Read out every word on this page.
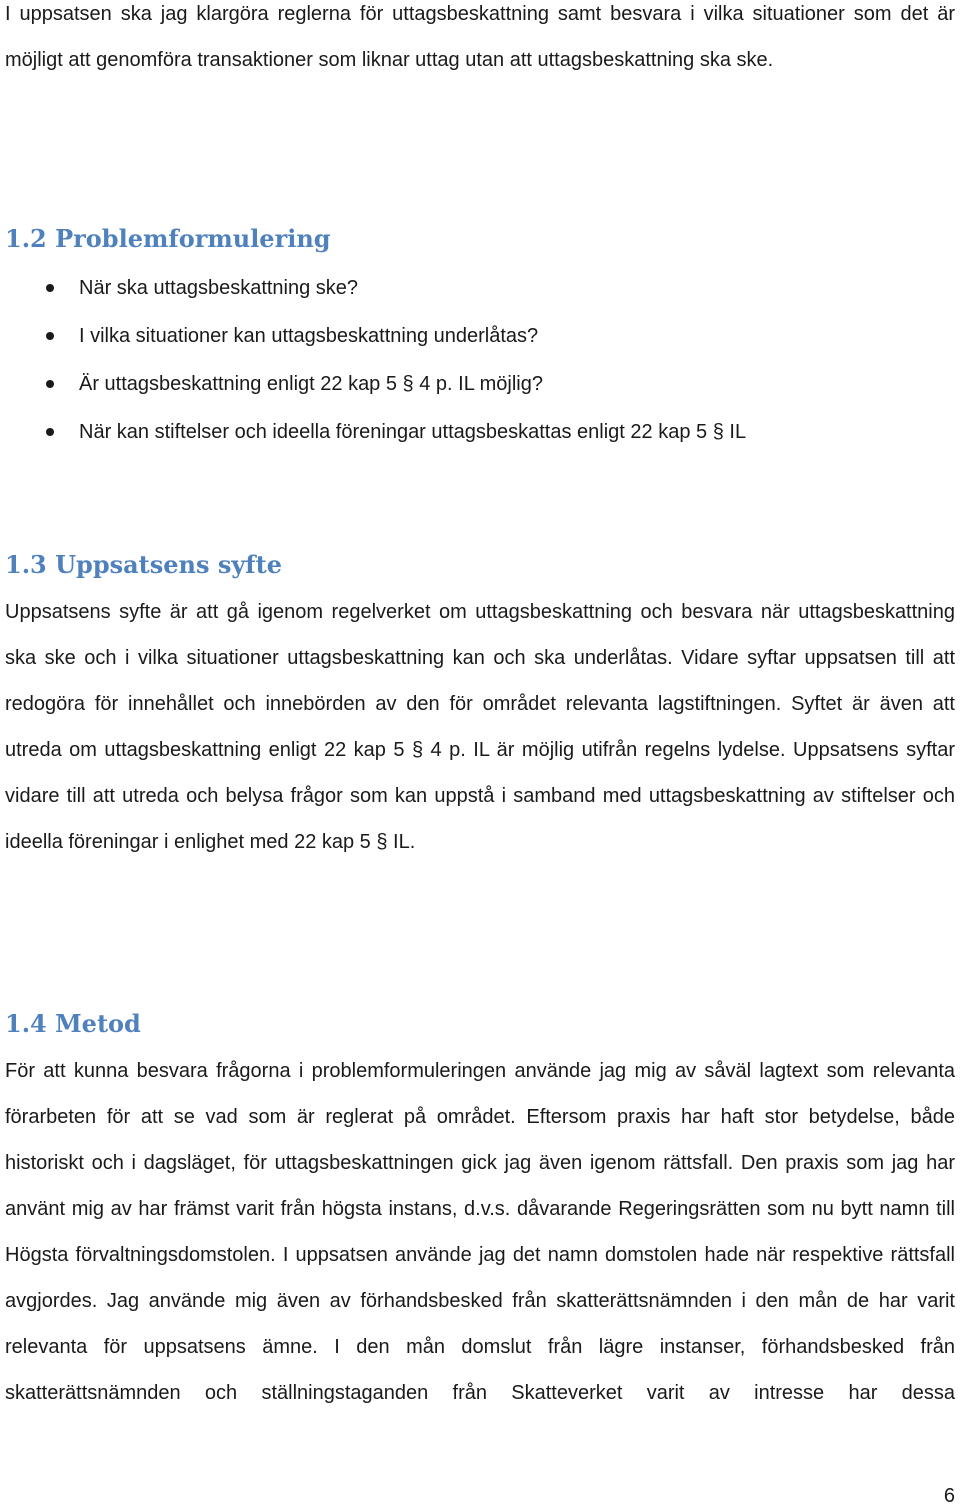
I uppsatsen ska jag klargöra reglerna för uttagsbeskattning samt besvara i vilka situationer som det är möjligt att genomföra transaktioner som liknar uttag utan att uttagsbeskattning ska ske.

1.2 Problemformulering
När ska uttagsbeskattning ske?
I vilka situationer kan uttagsbeskattning underlåtas?
Är uttagsbeskattning enligt 22 kap 5 § 4 p. IL möjlig?
När kan stiftelser och ideella föreningar uttagsbeskattas enligt 22 kap 5 § IL
1.3 Uppsatsens syfte

Uppsatsens syfte är att gå igenom regelverket om uttagsbeskattning och besvara när uttagsbeskattning ska ske och i vilka situationer uttagsbeskattning kan och ska underlåtas. Vidare syftar uppsatsen till att redogöra för innehållet och innebörden av den för området relevanta lagstiftningen. Syftet är även att utreda om uttagsbeskattning enligt 22 kap 5 § 4 p. IL är möjlig utifrån regelns lydelse. Uppsatsens syftar vidare till att utreda och belysa frågor som kan uppstå i samband med uttagsbeskattning av stiftelser och ideella föreningar i enlighet med 22 kap 5 § IL.

1.4 Metod

För att kunna besvara frågorna i problemformuleringen använde jag mig av såväl lagtext som relevanta förarbeten för att se vad som är reglerat på området. Eftersom praxis har haft stor betydelse, både historiskt och i dagsläget, för uttagsbeskattningen gick jag även igenom rättsfall. Den praxis som jag har använt mig av har främst varit från högsta instans, d.v.s. dåvarande Regeringsrätten som nu bytt namn till Högsta förvaltningsdomstolen. I uppsatsen använde jag det namn domstolen hade när respektive rättsfall avgjordes. Jag använde mig även av förhandsbesked från skatterättsnämnden i den mån de har varit relevanta för uppsatsens ämne. I den mån domslut från lägre instanser, förhandsbesked från skatterättsnämnden och ställningstaganden från Skatteverket varit av intresse har dessa

6
